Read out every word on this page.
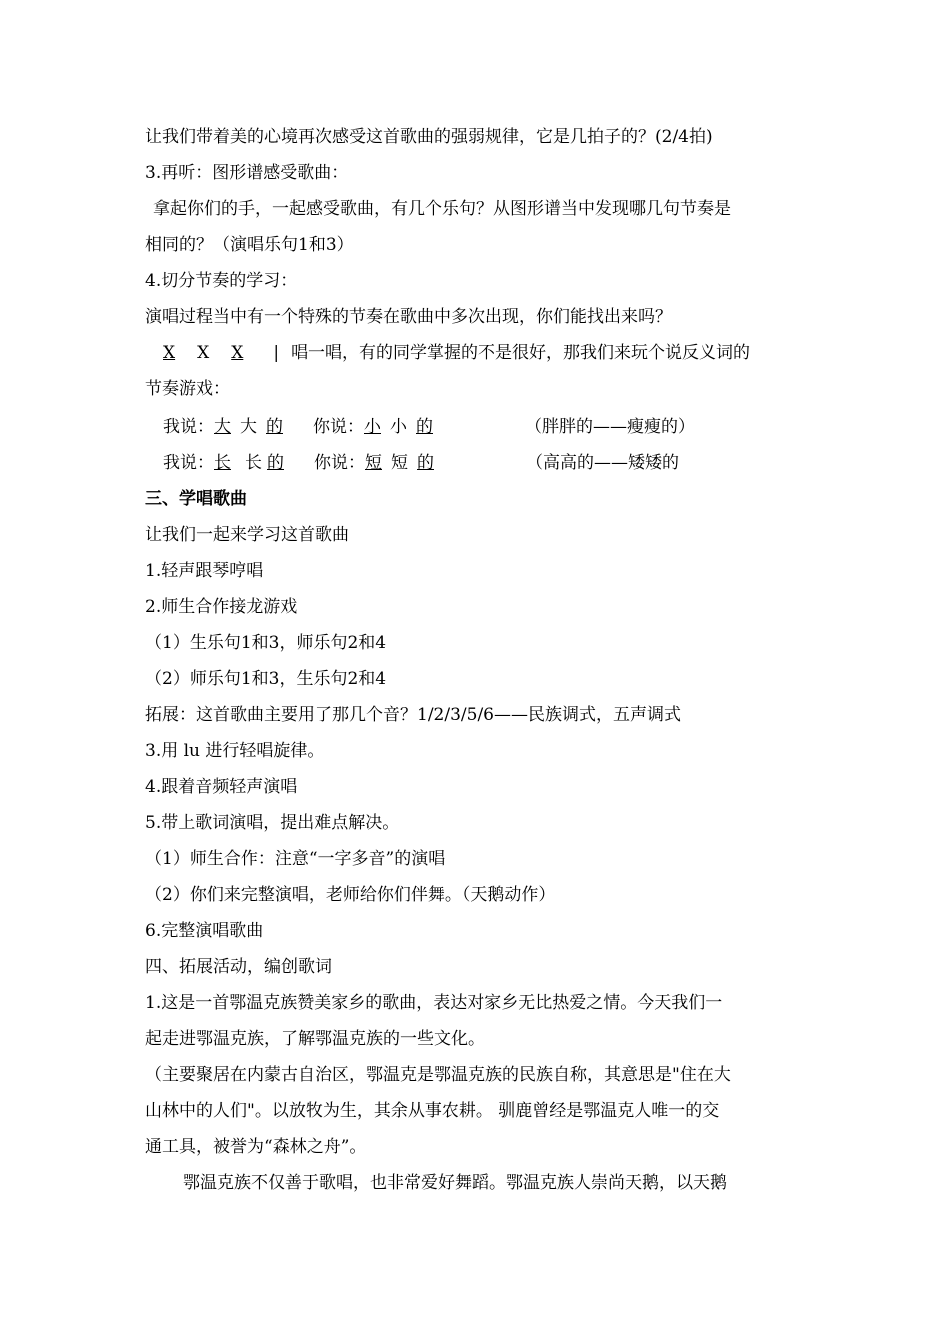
让我们带着美的心境再次感受这首歌曲的强弱规律，它是几拍子的？(2/4拍)
3.再听：图形谱感受歌曲：
拿起你们的手，一起感受歌曲，有几个乐句？从图形谱当中发现哪几句节奏是
相同的？（演唱乐句1和3）
4.切分节奏的学习：
演唱过程当中有一个特殊的节奏在歌曲中多次出现，你们能找出来吗？
X X X | 唱一唱，有的同学掌握的不是很好，那我们来玩个说反义词的
节奏游戏：
我说：大 大 的 你说：小 小 的	（胖胖的——瘦瘦的）
我说：长 长 的 你说：短 短 的	（高高的——矮矮的
三、学唱歌曲
让我们一起来学习这首歌曲
1.轻声跟琴哼唱
2.师生合作接龙游戏
（1）生乐句1和3，师乐句2和4
（2）师乐句1和3，生乐句2和4
拓展：这首歌曲主要用了那几个音？1/2/3/5/6——民族调式，五声调式
3.用 lu 进行轻唱旋律。
4.跟着音频轻声演唱
5.带上歌词演唱，提出难点解决。
（1）师生合作：注意“一字多音”的演唱
（2）你们来完整演唱，老师给你们伴舞。（天鹅动作）
6.完整演唱歌曲
四、拓展活动，编创歌词
1.这是一首鄂温克族赞美家乡的歌曲，表达对家乡无比热爱之情。今天我们一
起走进鄂温克族，了解鄂温克族的一些文化。
（主要聚居在内蒙古自治区，鄂温克是鄂温克族的民族自称，其意思是"住在大
山林中的人们"。以放牧为生，其余从事农耕。 驯鹿曾经是鄂温克人唯一的交
通工具，被誉为“森林之舟”。
鄂温克族不仅善于歌唱，也非常爱好舞蹈。鄂温克族人崇尚天鹅，以天鹅
